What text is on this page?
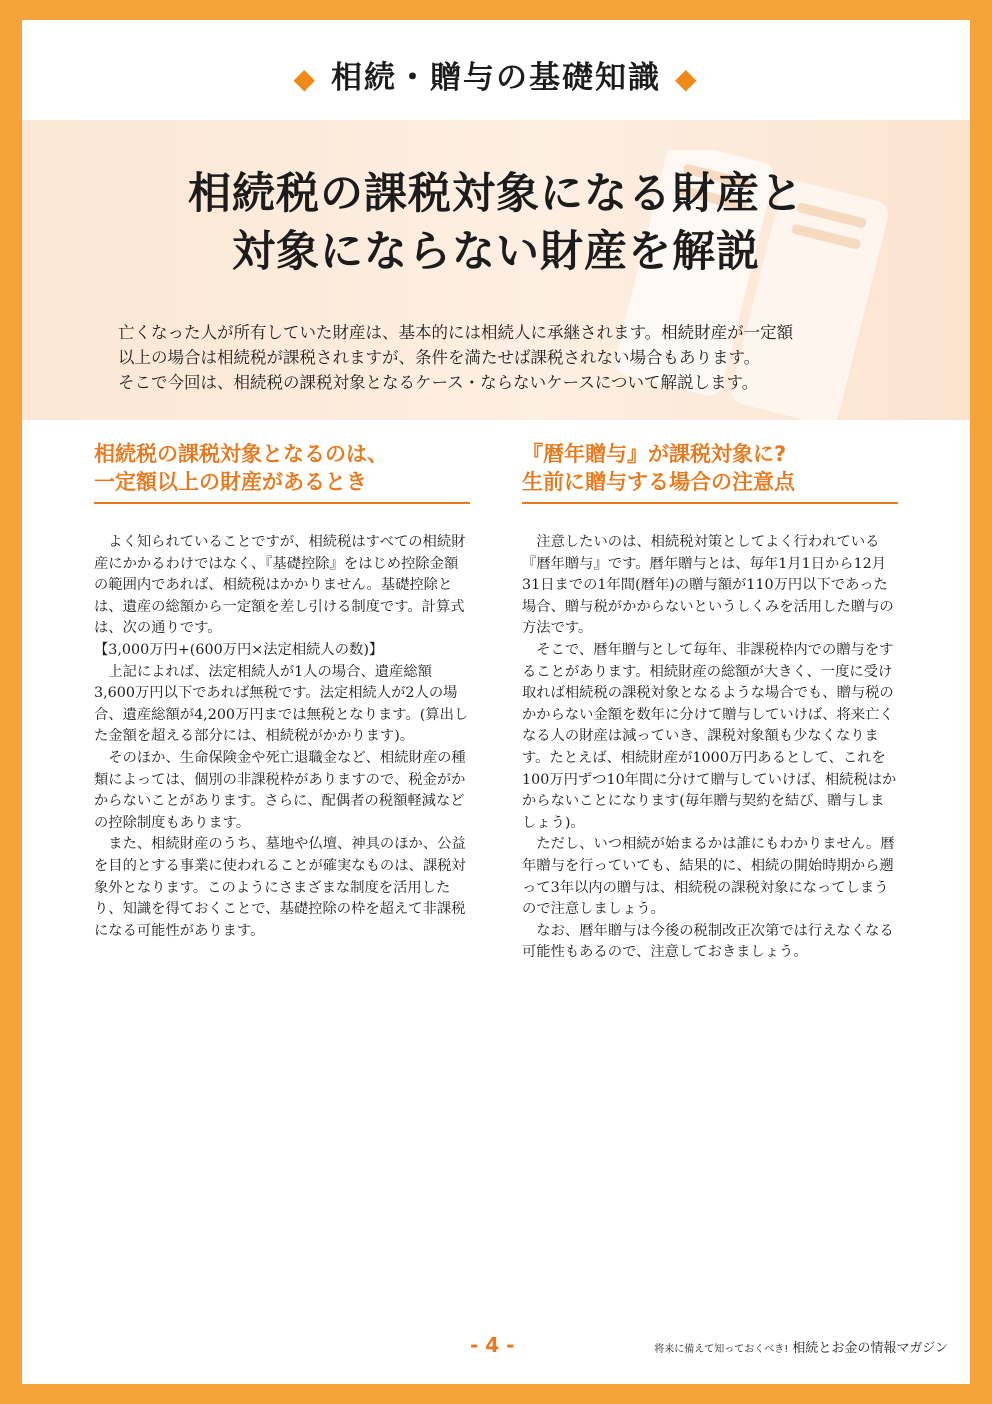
◆ 相続・贈与の基礎知識 ◆
相続税の課税対象になる財産と
対象にならない財産を解説
亡くなった人が所有していた財産は、基本的には相続人に承継されます。相続財産が一定額
以上の場合は相続税が課税されますが、条件を満たせば課税されない場合もあります。
そこで今回は、相続税の課税対象となるケース・ならないケースについて解説します。
相続税の課税対象となるのは、
一定額以上の財産があるとき

よく知られていることですが、相続税はすべての相続財産にかかるわけではなく、『基礎控除』をはじめ控除金額の範囲内であれば、相続税はかかりません。基礎控除とは、遺産の総額から一定額を差し引ける制度です。計算式は、次の通りです。

【3,000万円+(600万円×法定相続人の数)】

上記によれば、法定相続人が1人の場合、遺産総額3,600万円以下であれば無税です。法定相続人が2人の場合、遺産総額が4,200万円までは無税となります。(算出した金額を超える部分には、相続税がかかります)。

そのほか、生命保険金や死亡退職金など、相続財産の種類によっては、個別の非課税枠がありますので、税金がかからないことがあります。さらに、配偶者の税額軽減などの控除制度もあります。

また、相続財産のうち、墓地や仏壇、神具のほか、公益を目的とする事業に使われることが確実なものは、課税対象外となります。このようにさまざまな制度を活用したり、知識を得ておくことで、基礎控除の枠を超えて非課税になる可能性があります。

『暦年贈与』が課税対象に?
生前に贈与する場合の注意点

注意したいのは、相続税対策としてよく行われている『暦年贈与』です。暦年贈与とは、毎年1月1日から12月31日までの1年間(暦年)の贈与額が110万円以下であった場合、贈与税がかからないというしくみを活用した贈与の方法です。

そこで、暦年贈与として毎年、非課税枠内での贈与をすることがあります。相続財産の総額が大きく、一度に受け取れば相続税の課税対象となるような場合でも、贈与税のかからない金額を数年に分けて贈与していけば、将来亡くなる人の財産は減っていき、課税対象額も少なくなります。たとえば、相続財産が1000万円あるとして、これを100万円ずつ10年間に分けて贈与していけば、相続税はかからないことになります(毎年贈与契約を結び、贈与しましょう)。

ただし、いつ相続が始まるかは誰にもわかりません。暦年贈与を行っていても、結果的に、相続の開始時期から遡って3年以内の贈与は、相続税の課税対象になってしまうので注意しましょう。

なお、暦年贈与は今後の税制改正次第では行えなくなる可能性もあるので、注意しておきましょう。

- 4 -	将来に備えて知っておくべき! 相続とお金の情報マガジン
